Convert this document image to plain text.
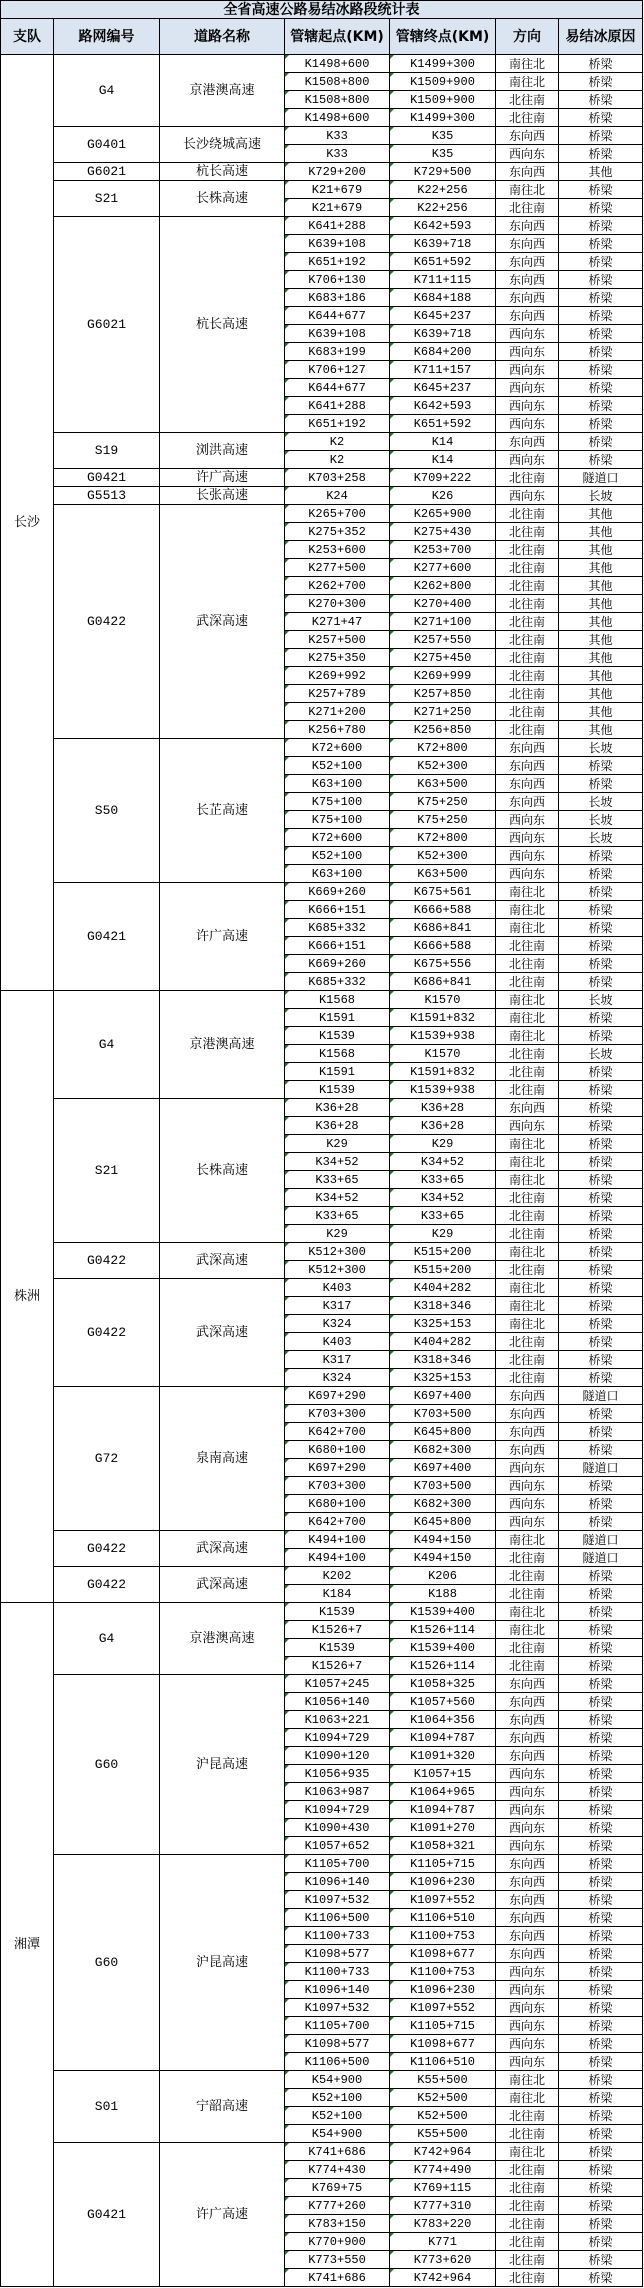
全省高速公路易结冰路段统计表
支队	路网编号	道路名称	管辖起点(KM) 管辖终点(KM)	方向	易结冰原因
长沙
G4	京港澳高速
K1498+600	K1499+300	南往北	桥梁
K1508+800	K1509+900	南往北	桥梁
K1508+800	K1509+900	北往南	桥梁
K1498+600	K1499+300	北往南	桥梁
G0401	长沙绕城高速
K33	K35	东向西	桥梁
K33	K35	西向东	桥梁
G6021	杭长高速	K729+200	K729+500	东向西	其他
S21	长株高速
K21+679	K22+256	南往北	桥梁
K21+679	K22+256	北往南	桥梁
G6021	杭长高速
K641+288	K642+593	东向西	桥梁
K639+108	K639+718	东向西	桥梁
K651+192	K651+592	东向西	桥梁
K706+130	K711+115	东向西	桥梁
K683+186	K684+188	东向西	桥梁
K644+677	K645+237	东向西	桥梁
K639+108	K639+718	西向东	桥梁
K683+199	K684+200	西向东	桥梁
K706+127	K711+157	西向东	桥梁
K644+677	K645+237	西向东	桥梁
K641+288	K642+593	西向东	桥梁
K651+192	K651+592	西向东	桥梁
S19	浏洪高速
K2	K14	东向西	桥梁
K2	K14	西向东	桥梁
G0421	许广高速	K703+258	K709+222	北往南	隧道口
G5513	长张高速	K24	K26	西向东	长坡
G0422	武深高速
K265+700	K265+900	北往南	其他
K275+352	K275+430	北往南	其他
K253+600	K253+700	北往南	其他
K277+500	K277+600	北往南	其他
K262+700	K262+800	北往南	其他
K270+300	K270+400	北往南	其他
K271+47	K271+100	北往南	其他
K257+500	K257+550	北往南	其他
K275+350	K275+450	北往南	其他
K269+992	K269+999	北往南	其他
K257+789	K257+850	北往南	其他
K271+200	K271+250	北往南	其他
K256+780	K256+850	北往南	其他
S50	长芷高速
K72+600	K72+800	东向西	长坡
K52+100	K52+300	东向西	桥梁
K63+100	K63+500	东向西	桥梁
K75+100	K75+250	东向西	长坡
K75+100	K75+250	西向东	长坡
K72+600	K72+800	西向东	长坡
K52+100	K52+300	西向东	桥梁
K63+100	K63+500	西向东	桥梁
G0421	许广高速
K669+260	K675+561	南往北	桥梁
K666+151	K666+588	南往北	桥梁
K685+332	K686+841	南往北	桥梁
K666+151	K666+588	北往南	桥梁
K669+260	K675+556	北往南	桥梁
K685+332	K686+841	北往南	桥梁
株洲
G4	京港澳高速
K1568	K1570	南往北	长坡
K1591	K1591+832	南往北	桥梁
K1539	K1539+938	南往北	桥梁
K1568	K1570	北往南	长坡
K1591	K1591+832	北往南	桥梁
K1539	K1539+938	北往南	桥梁
S21	长株高速
K36+28	K36+28	东向西	桥梁
K36+28	K36+28	西向东	桥梁
K29	K29	南往北	桥梁
K34+52	K34+52	南往北	桥梁
K33+65	K33+65	南往北	桥梁
K34+52	K34+52	北往南	桥梁
K33+65	K33+65	北往南	桥梁
K29	K29	北往南	桥梁
G0422	武深高速
K512+300	K515+200	南往北	桥梁
K512+300	K515+200	北往南	桥梁
G0422	武深高速
K403	K404+282	南往北	桥梁
K317	K318+346	南往北	桥梁
K324	K325+153	南往北	桥梁
K403	K404+282	北往南	桥梁
K317	K318+346	北往南	桥梁
K324	K325+153	北往南	桥梁
G72	泉南高速
K697+290	K697+400	东向西	隧道口
K703+300	K703+500	东向西	桥梁
K642+700	K645+800	东向西	桥梁
K680+100	K682+300	东向西	桥梁
K697+290	K697+400	西向东	隧道口
K703+300	K703+500	西向东	桥梁
K680+100	K682+300	西向东	桥梁
K642+700	K645+800	西向东	桥梁
G0422	武深高速
K494+100	K494+150	南往北	隧道口
K494+100	K494+150	北往南	隧道口
G0422	武深高速
K202	K206	北往南	桥梁
K184	K188	北往南	桥梁
湘潭
G4	京港澳高速
K1539	K1539+400	南往北	桥梁
K1526+7	K1526+114	南往北	桥梁
K1539	K1539+400	北往南	桥梁
K1526+7	K1526+114	北往南	桥梁
G60	沪昆高速
K1057+245	K1058+325	东向西	桥梁
K1056+140	K1057+560	东向西	桥梁
K1063+221	K1064+356	东向西	桥梁
K1094+729	K1094+787	东向西	桥梁
K1090+120	K1091+320	东向西	桥梁
K1056+935	K1057+15	西向东	桥梁
K1063+987	K1064+965	西向东	桥梁
K1094+729	K1094+787	西向东	桥梁
K1090+430	K1091+270	西向东	桥梁
K1057+652	K1058+321	西向东	桥梁
G60	沪昆高速
K1105+700	K1105+715	东向西	桥梁
K1096+140	K1096+230	东向西	桥梁
K1097+532	K1097+552	东向西	桥梁
K1106+500	K1106+510	东向西	桥梁
K1100+733	K1100+753	东向西	桥梁
K1098+577	K1098+677	东向西	桥梁
K1100+733	K1100+753	西向东	桥梁
K1096+140	K1096+230	西向东	桥梁
K1097+532	K1097+552	西向东	桥梁
K1105+700	K1105+715	西向东	桥梁
K1098+577	K1098+677	西向东	桥梁
K1106+500	K1106+510	西向东	桥梁
S01	宁韶高速
K54+900	K55+500	南往北	桥梁
K52+100	K52+500	南往北	桥梁
K52+100	K52+500	北往南	桥梁
K54+900	K55+500	北往南	桥梁
G0421	许广高速
K741+686	K742+964	南往北	桥梁
K774+430	K774+490	北往南	桥梁
K769+75	K769+115	北往南	桥梁
K777+260	K777+310	北往南	桥梁
K783+150	K783+220	北往南	桥梁
K770+900	K771	北往南	桥梁
K773+550	K773+620	北往南	桥梁
K741+686	K742+964	北往南	桥梁
